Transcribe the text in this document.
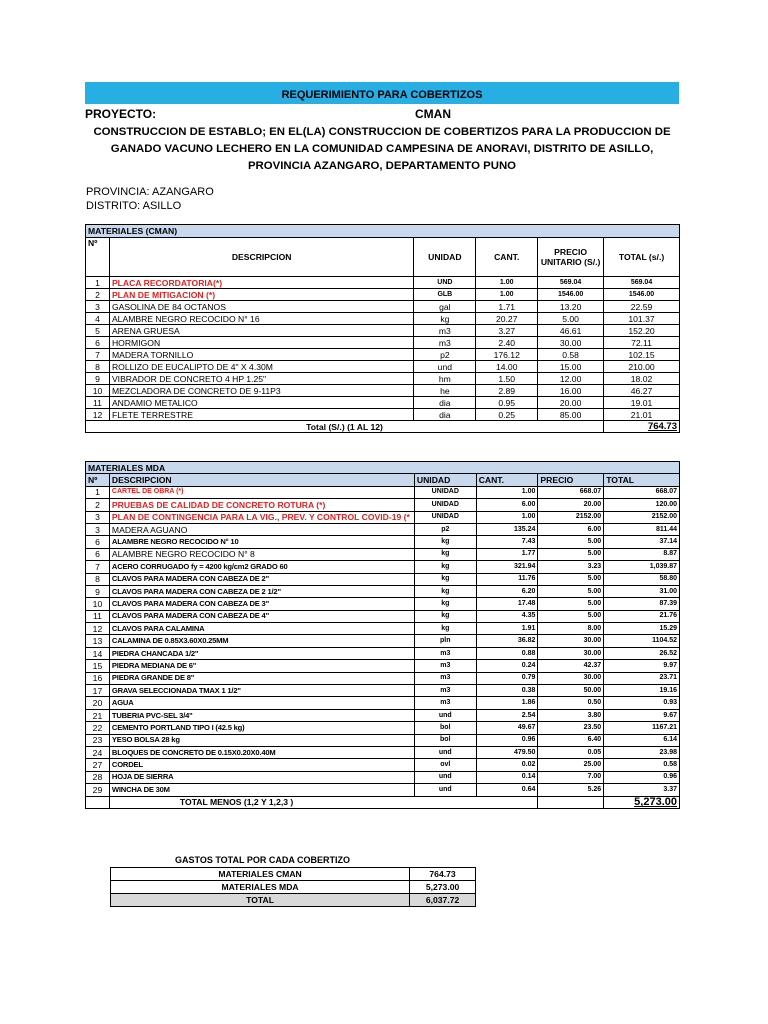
REQUERIMIENTO PARA COBERTIZOS
PROYECTO:	CMAN
CONSTRUCCION DE ESTABLO; EN EL(LA) CONSTRUCCION DE COBERTIZOS PARA LA PRODUCCION DE GANADO VACUNO LECHERO EN LA COMUNIDAD CAMPESINA DE ANORAVI, DISTRITO DE ASILLO, PROVINCIA AZANGARO, DEPARTAMENTO PUNO
PROVINCIA: AZANGARO
DISTRITO: ASILLO
MATERIALES (CMAN)					
Nº	DESCRIPCION	UNIDAD	CANT.	PRECIO UNITARIO (S/.)	TOTAL (s/.)
1	PLACA RECORDATORIA(*)	UND	1.00	569.04	569.04
2	PLAN DE MITIGACION (*)	GLB	1.00	1546.00	1546.00
3	GASOLINA DE 84 OCTANOS	gal	1.71	13.20	22.59
4	ALAMBRE NEGRO RECOCIDO N° 16	kg	20.27	5.00	101.37
5	ARENA GRUESA	m3	3.27	46.61	152.20
6	HORMIGON	m3	2.40	30.00	72.11
7	MADERA TORNILLO	p2	176.12	0.58	102.15
8	ROLLIZO DE EUCALIPTO DE 4" X 4.30M	und	14.00	15.00	210.00
9	VIBRADOR DE CONCRETO 4 HP 1.25"	hm	1.50	12.00	18.02
10	MEZCLADORA DE CONCRETO DE 9-11P3	he	2.89	16.00	46.27
11	ANDAMIO METALICO	dia	0.95	20.00	19.01
12	FLETE TERRESTRE	dia	0.25	85.00	21.01
Total (S/.) (1 AL 12)					764.73
MATERIALES MDA					
Nº	DESCRIPCION	UNIDAD	CANT.	PRECIO	TOTAL
1	CARTEL DE OBRA (*)	UNIDAD	1.00	668.07	668.07
2	PRUEBAS DE CALIDAD DE CONCRETO ROTURA (*)	UNIDAD	6.00	20.00	120.00
3	PLAN DE CONTINGENCIA PARA LA VIG., PREV. Y CONTROL COVID-19 (*	UNIDAD	1.00	2152.00	2152.00
3	MADERA AGUANO	p2	135.24	6.00	811.44
6	ALAMBRE NEGRO RECOCIDO N° 10	kg	7.43	5.00	37.14
6	ALAMBRE NEGRO RECOCIDO N° 8	kg	1.77	5.00	8.87
7	ACERO CORRUGADO fy = 4200 kg/cm2 GRADO 60	kg	321.94	3.23	1,039.87
8	CLAVOS PARA MADERA CON CABEZA DE 2"	kg	11.76	5.00	58.80
9	CLAVOS PARA MADERA CON CABEZA DE 2 1/2"	kg	6.20	5.00	31.00
10	CLAVOS PARA MADERA CON CABEZA DE 3"	kg	17.48	5.00	87.39
11	CLAVOS PARA MADERA CON CABEZA DE 4"	kg	4.35	5.00	21.76
12	CLAVOS PARA CALAMINA	kg	1.91	8.00	15.29
13	CALAMINA DE 0.85X3.60X0.25MM	pln	36.82	30.00	1104.52
14	PIEDRA CHANCADA 1/2"	m3	0.88	30.00	26.52
15	PIEDRA MEDIANA DE 6"	m3	0.24	42.37	9.97
16	PIEDRA GRANDE DE 8"	m3	0.79	30.00	23.71
17	GRAVA SELECCIONADA TMAX 1 1/2"	m3	0.38	50.00	19.16
20	AGUA	m3	1.86	0.50	0.93
21	TUBERIA PVC-SEL 3/4"	und	2.54	3.80	9.67
22	CEMENTO PORTLAND TIPO I (42.5 kg)	bol	49.67	23.50	1167.21
23	YESO BOLSA 28 kg	bol	0.96	6.40	6.14
24	BLOQUES DE CONCRETO DE 0.15X0.20X0.40M	und	479.50	0.05	23.98
27	CORDEL	ovl	0.02	25.00	0.58
28	HOJA DE SIERRA	und	0.14	7.00	0.96
29	WINCHA DE 30M	und	0.64	5.26	3.37
	TOTAL MENOS (1,2 Y 1,2,3 )				5,273.00
GASTOS TOTAL POR CADA COBERTIZO
MATERIALES CMAN	764.73
MATERIALES MDA	5,273.00
TOTAL	6,037.72
